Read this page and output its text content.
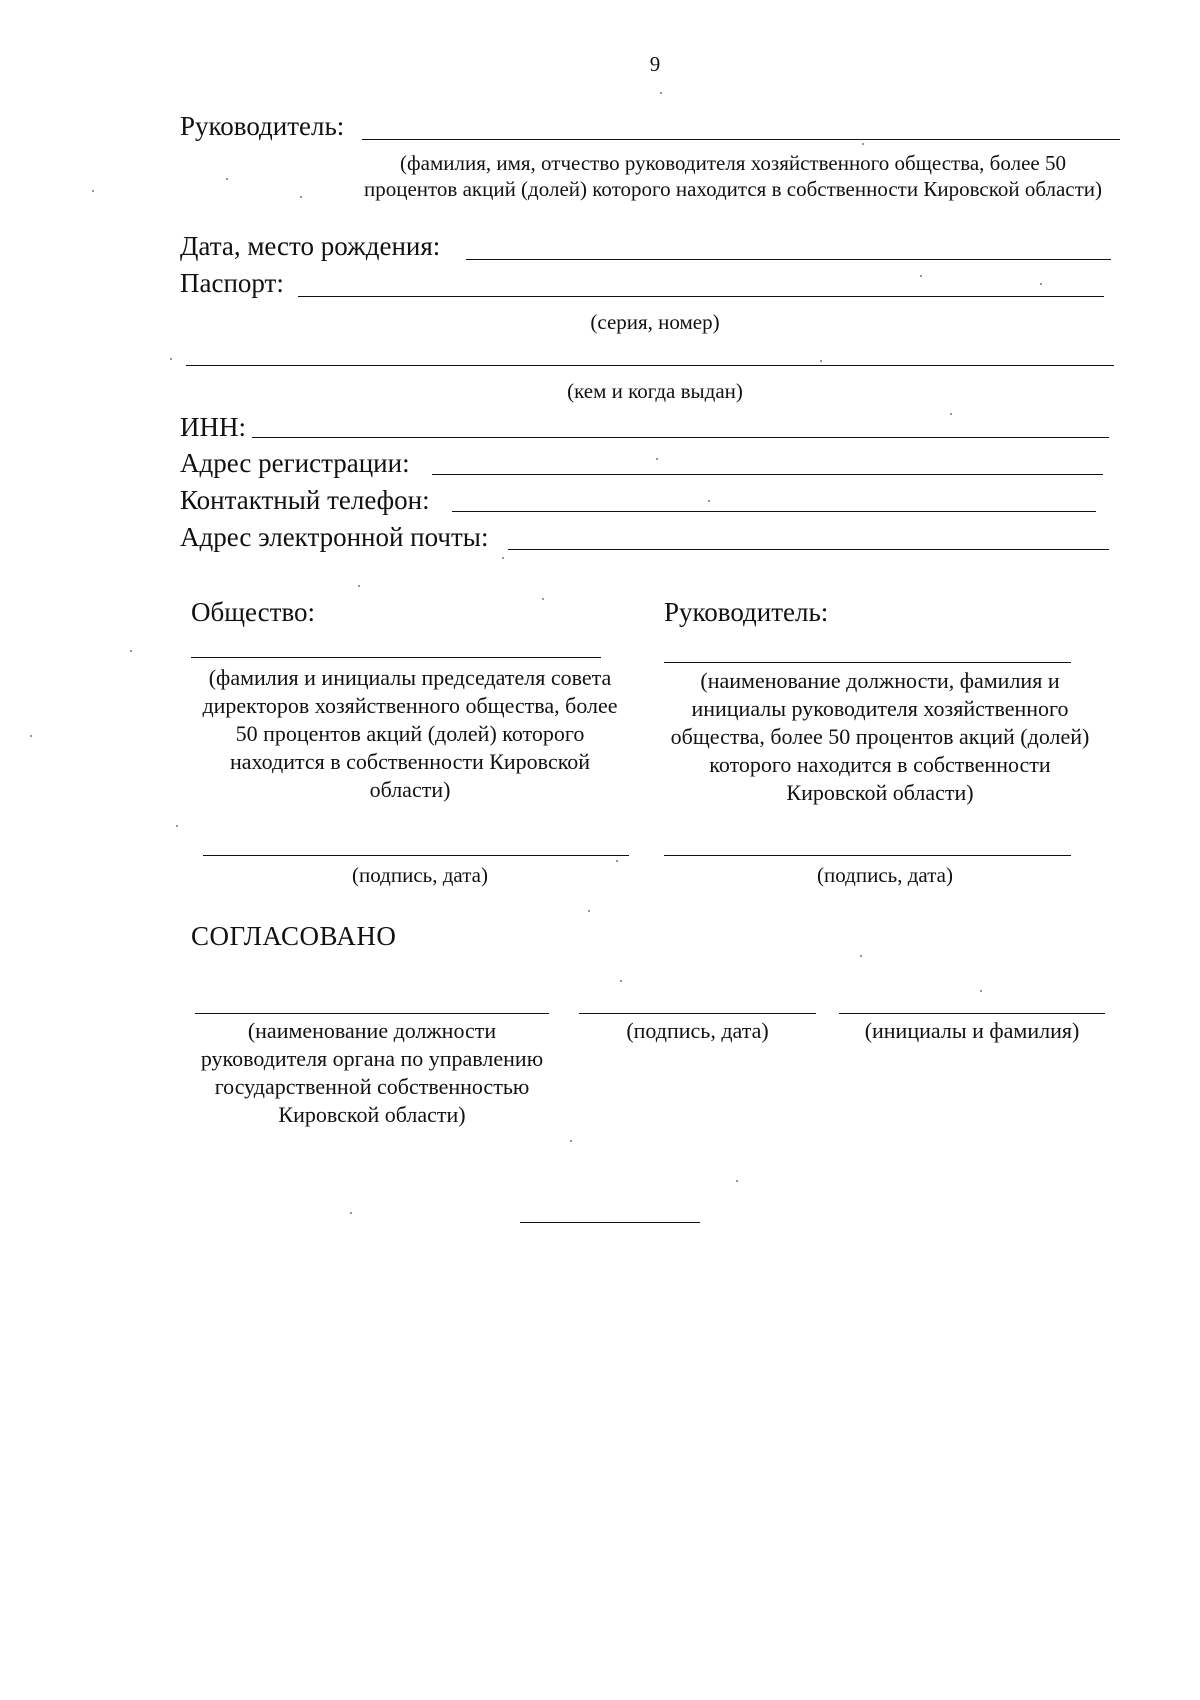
9
Руководитель:
(фамилия, имя, отчество руководителя хозяйственного общества, более 50 процентов акций (долей) которого находится в собственности Кировской области)
Дата, место рождения:
Паспорт:
(серия, номер)
(кем и когда выдан)
ИНН:
Адрес регистрации:
Контактный телефон:
Адрес электронной почты:
Общество:
(фамилия и инициалы председателя совета директоров хозяйственного общества, более 50 процентов акций (долей) которого находится в собственности Кировской области)
(подпись, дата)
Руководитель:
(наименование должности, фамилия и инициалы руководителя хозяйственного общества, более 50 процентов акций (долей) которого находится в собственности Кировской области)
(подпись, дата)
СОГЛАСОВАНО
(наименование должности руководителя органа по управлению государственной собственностью Кировской области)
(подпись, дата)	(инициалы и фамилия)
